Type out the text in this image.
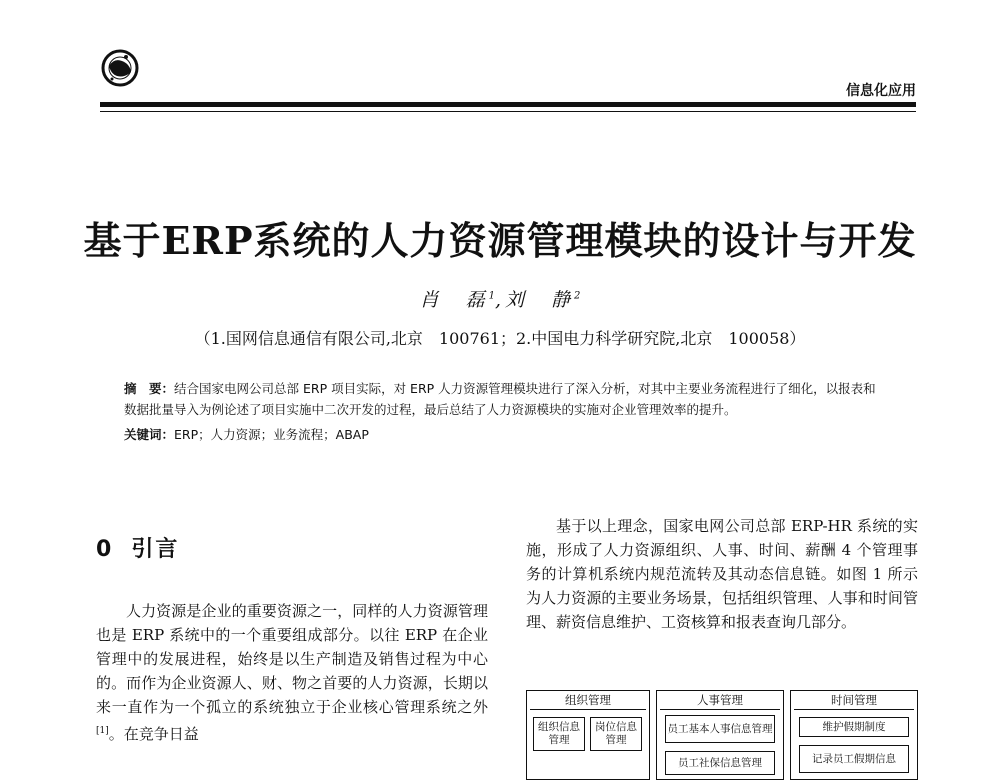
信息化应用
基于ERP系统的人力资源管理模块的设计与开发
肖　磊$^1$,刘　静$^2$
（1.国网信息通信有限公司,北京　100761；2.中国电力科学研究院,北京　100058）
摘　要：结合国家电网公司总部 ERP 项目实际，对 ERP 人力资源管理模块进行了深入分析，对其中主要业务流程进行了细化，以报表和数据批量导入为例论述了项目实施中二次开发的过程，最后总结了人力资源模块的实施对企业管理效率的提升。
关键词：ERP；人力资源；业务流程；ABAP
0 引言

人力资源是企业的重要资源之一，同样的人力资源管理也是 ERP 系统中的一个重要组成部分。以往 ERP 在企业管理中的发展进程，始终是以生产制造及销售过程为中心的。而作为企业资源人、财、物之首要的人力资源，长期以来一直作为一个孤立的系统独立于企业核心管理系统之外[1]。在竞争日益

基于以上理念，国家电网公司总部 ERP-HR 系统的实施，形成了人力资源组织、人事、时间、薪酬 4 个管理事务的计算机系统内规范流转及其动态信息链。如图 1 所示为人力资源的主要业务场景，包括组织管理、人事和时间管理、薪资信息维护、工资核算和报表查询几部分。

组织管理
组织信息管理
岗位信息管理
人事管理
员工基本人事信息管理
员工社保信息管理
时间管理
维护假期制度
记录员工假期信息
